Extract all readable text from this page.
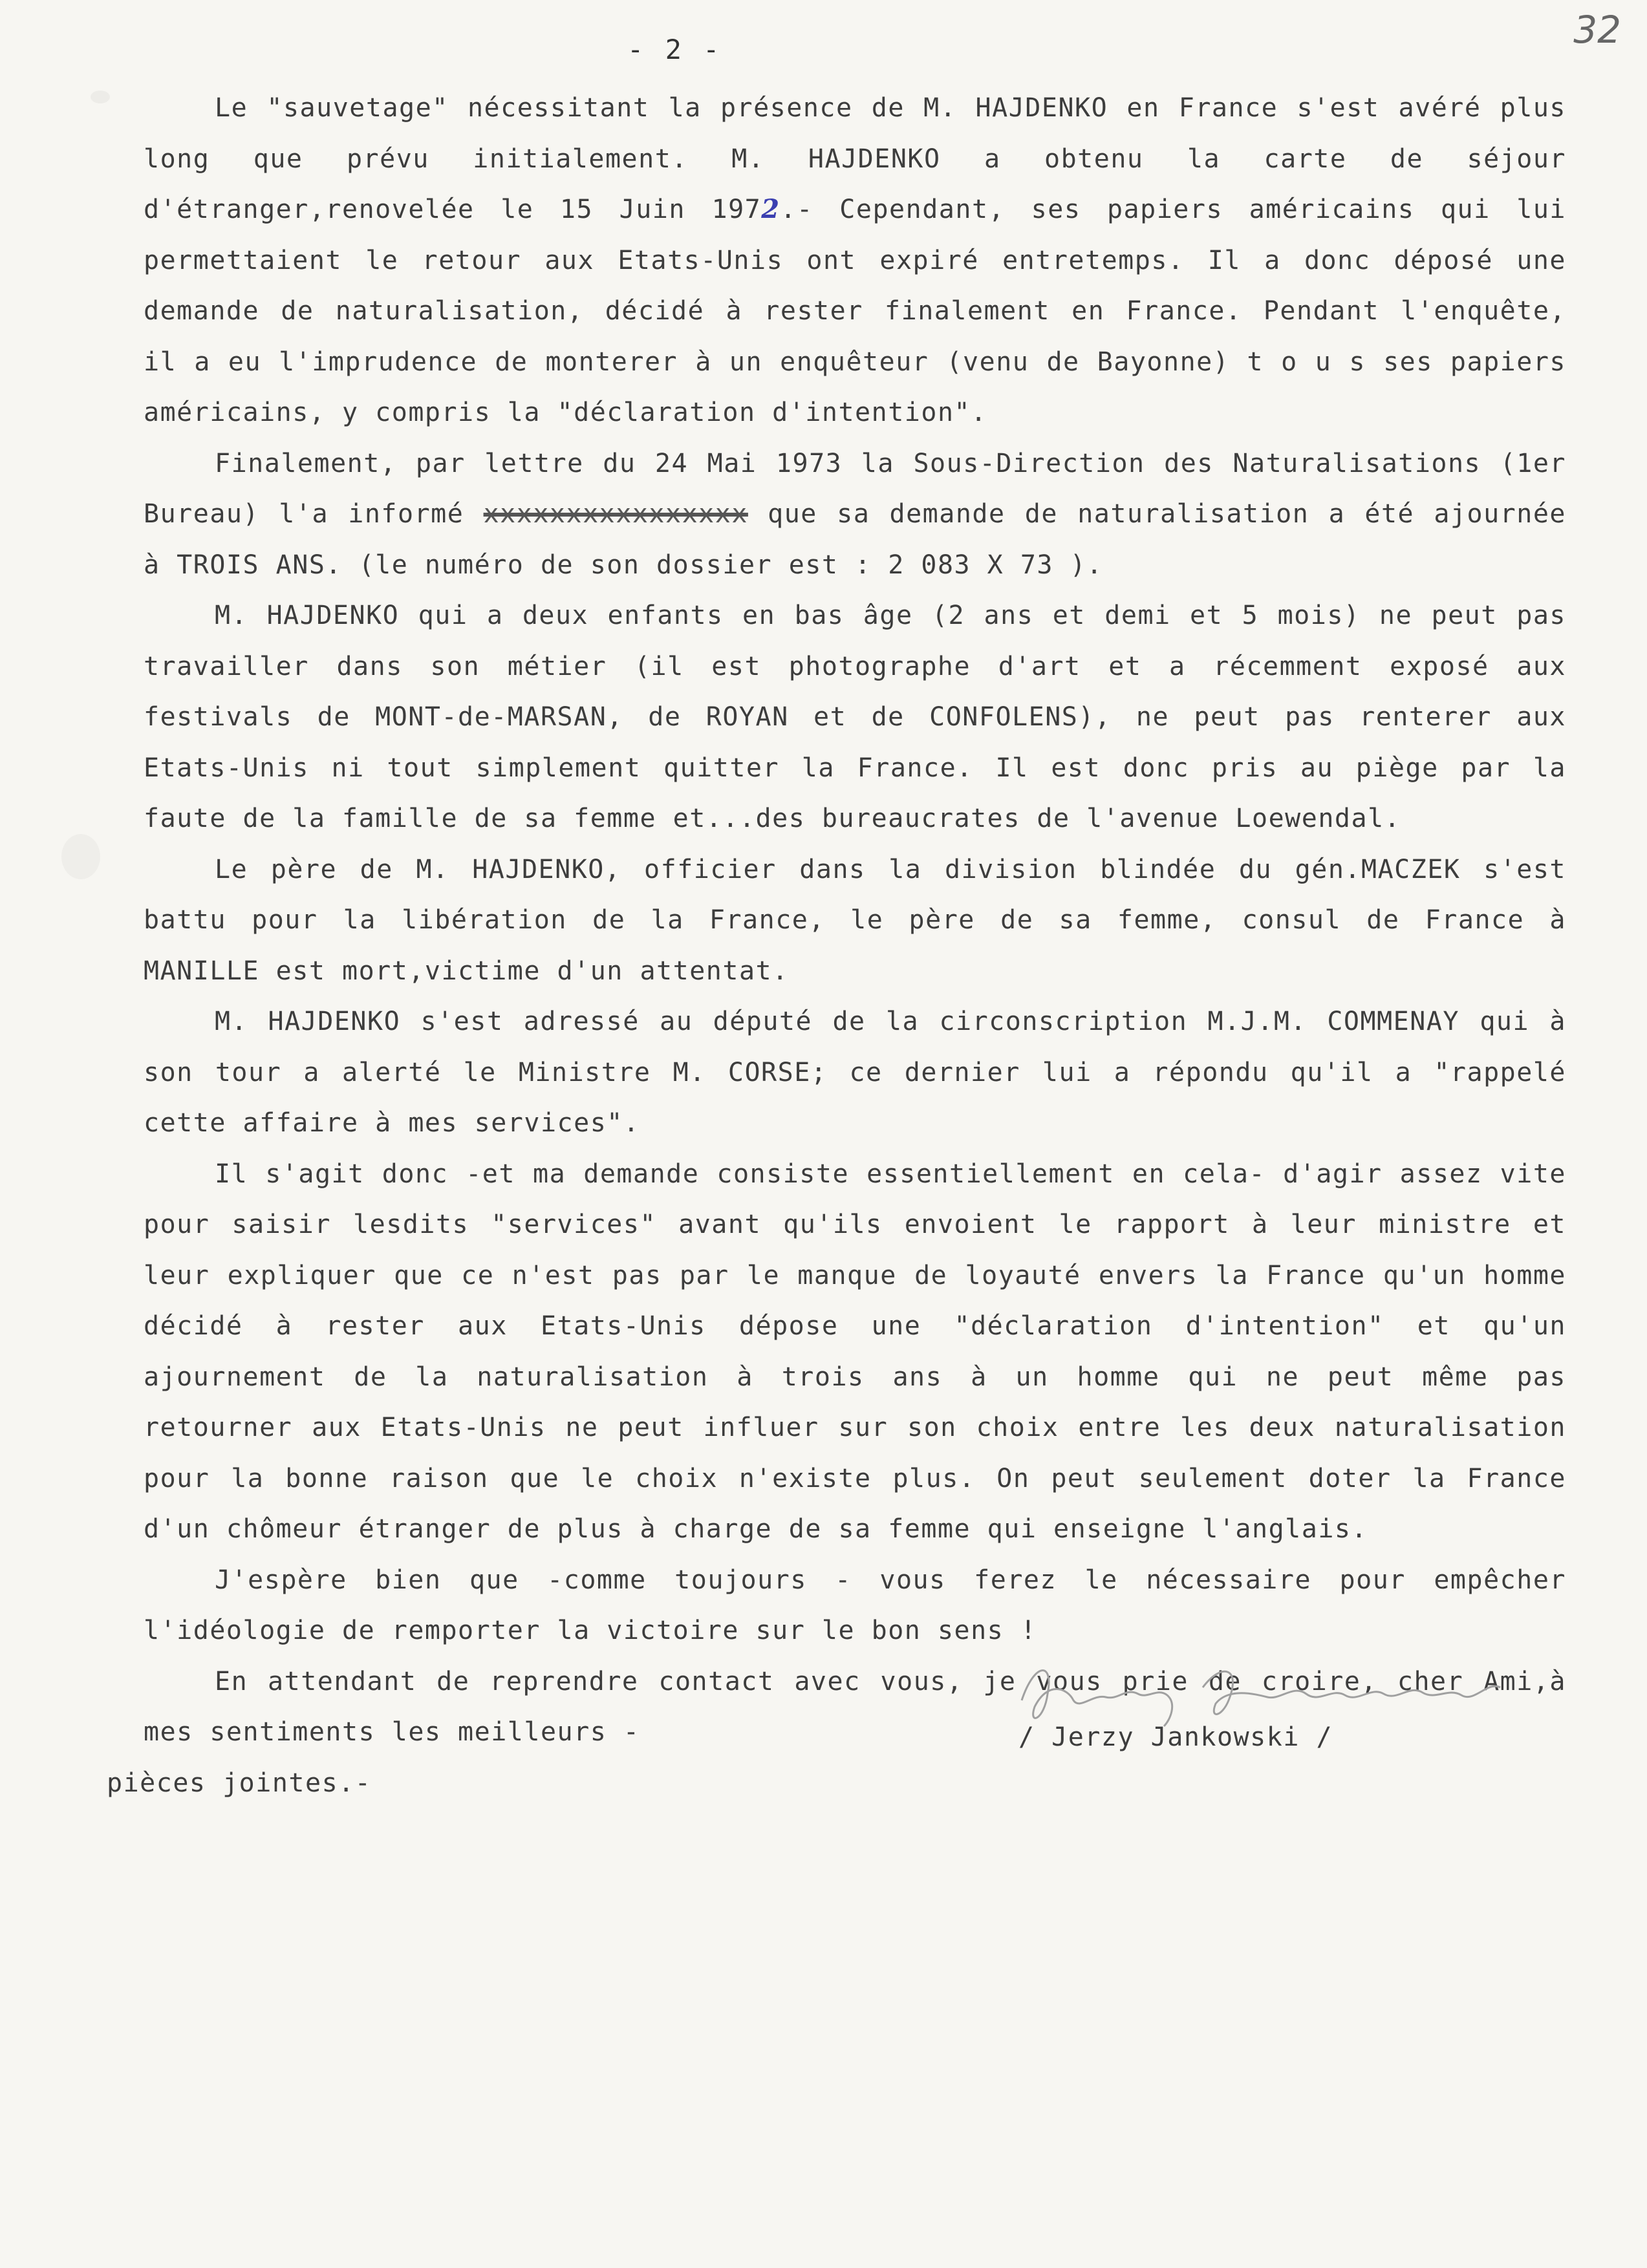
- 2 -	32

Le "sauvetage" nécessitant la présence de M. HAJDENKO en France s'est avéré plus long que prévu initialement. M. HAJDENKO a obtenu la carte de séjour d'étranger,renovelée le 15 Juin 1972.- Cependant, ses papiers américains qui lui permettaient le retour aux Etats-Unis ont expiré entretemps. Il a donc déposé une demande de naturalisation, décidé à rester finalement en France. Pendant l'enquête, il a eu l'imprudence de monterer à un enquêteur (venu de Bayonne) t o u s ses papiers américains, y compris la "déclaration d'intention".

Finalement, par lettre du 24 Mai 1973 la Sous-Direction des Naturalisations (1er Bureau) l'a informé xxxxxxxxxxxxxxxx que sa demande de naturalisation a été ajournée à TROIS ANS. (le numéro de son dossier est : 2 083 X 73 ).

M. HAJDENKO qui a deux enfants en bas âge (2 ans et demi et 5 mois) ne peut pas travailler dans son métier (il est photographe d'art et a récemment exposé aux festivals de MONT-de-MARSAN, de ROYAN et de CONFOLENS), ne peut pas renterer aux Etats-Unis ni tout simplement quitter la France. Il est donc pris au piège par la faute de la famille de sa femme et...des bureaucrates de l'avenue Loewendal.

Le père de M. HAJDENKO, officier dans la division blindée du gén.MACZEK s'est battu pour la libération de la France, le père de sa femme, consul de France à MANILLE est mort,victime d'un attentat.

M. HAJDENKO s'est adressé au député de la circonscription M.J.M. COMMENAY qui à son tour a alerté le Ministre M. CORSE; ce dernier lui a répondu qu'il a "rappelé cette affaire à mes services".

Il s'agit donc -et ma demande consiste essentiellement en cela- d'agir assez vite pour saisir lesdits "services" avant qu'ils envoient le rapport à leur ministre et leur expliquer que ce n'est pas par le manque de loyauté envers la France qu'un homme décidé à rester aux Etats-Unis dépose une "déclaration d'intention" et qu'un ajournement de la naturalisation à trois ans à un homme qui ne peut même pas retourner aux Etats-Unis ne peut influer sur son choix entre les deux naturalisation pour la bonne raison que le choix n'existe plus. On peut seulement doter la France d'un chômeur étranger de plus à charge de sa femme qui enseigne l'anglais.

J'espère bien que -comme toujours - vous ferez le nécessaire pour empêcher l'idéologie de remporter la victoire sur le bon sens !

En attendant de reprendre contact avec vous, je vous prie de croire, cher Ami,à mes sentiments les meilleurs -	/ Jerzy Jankowski /
pièces jointes.-
